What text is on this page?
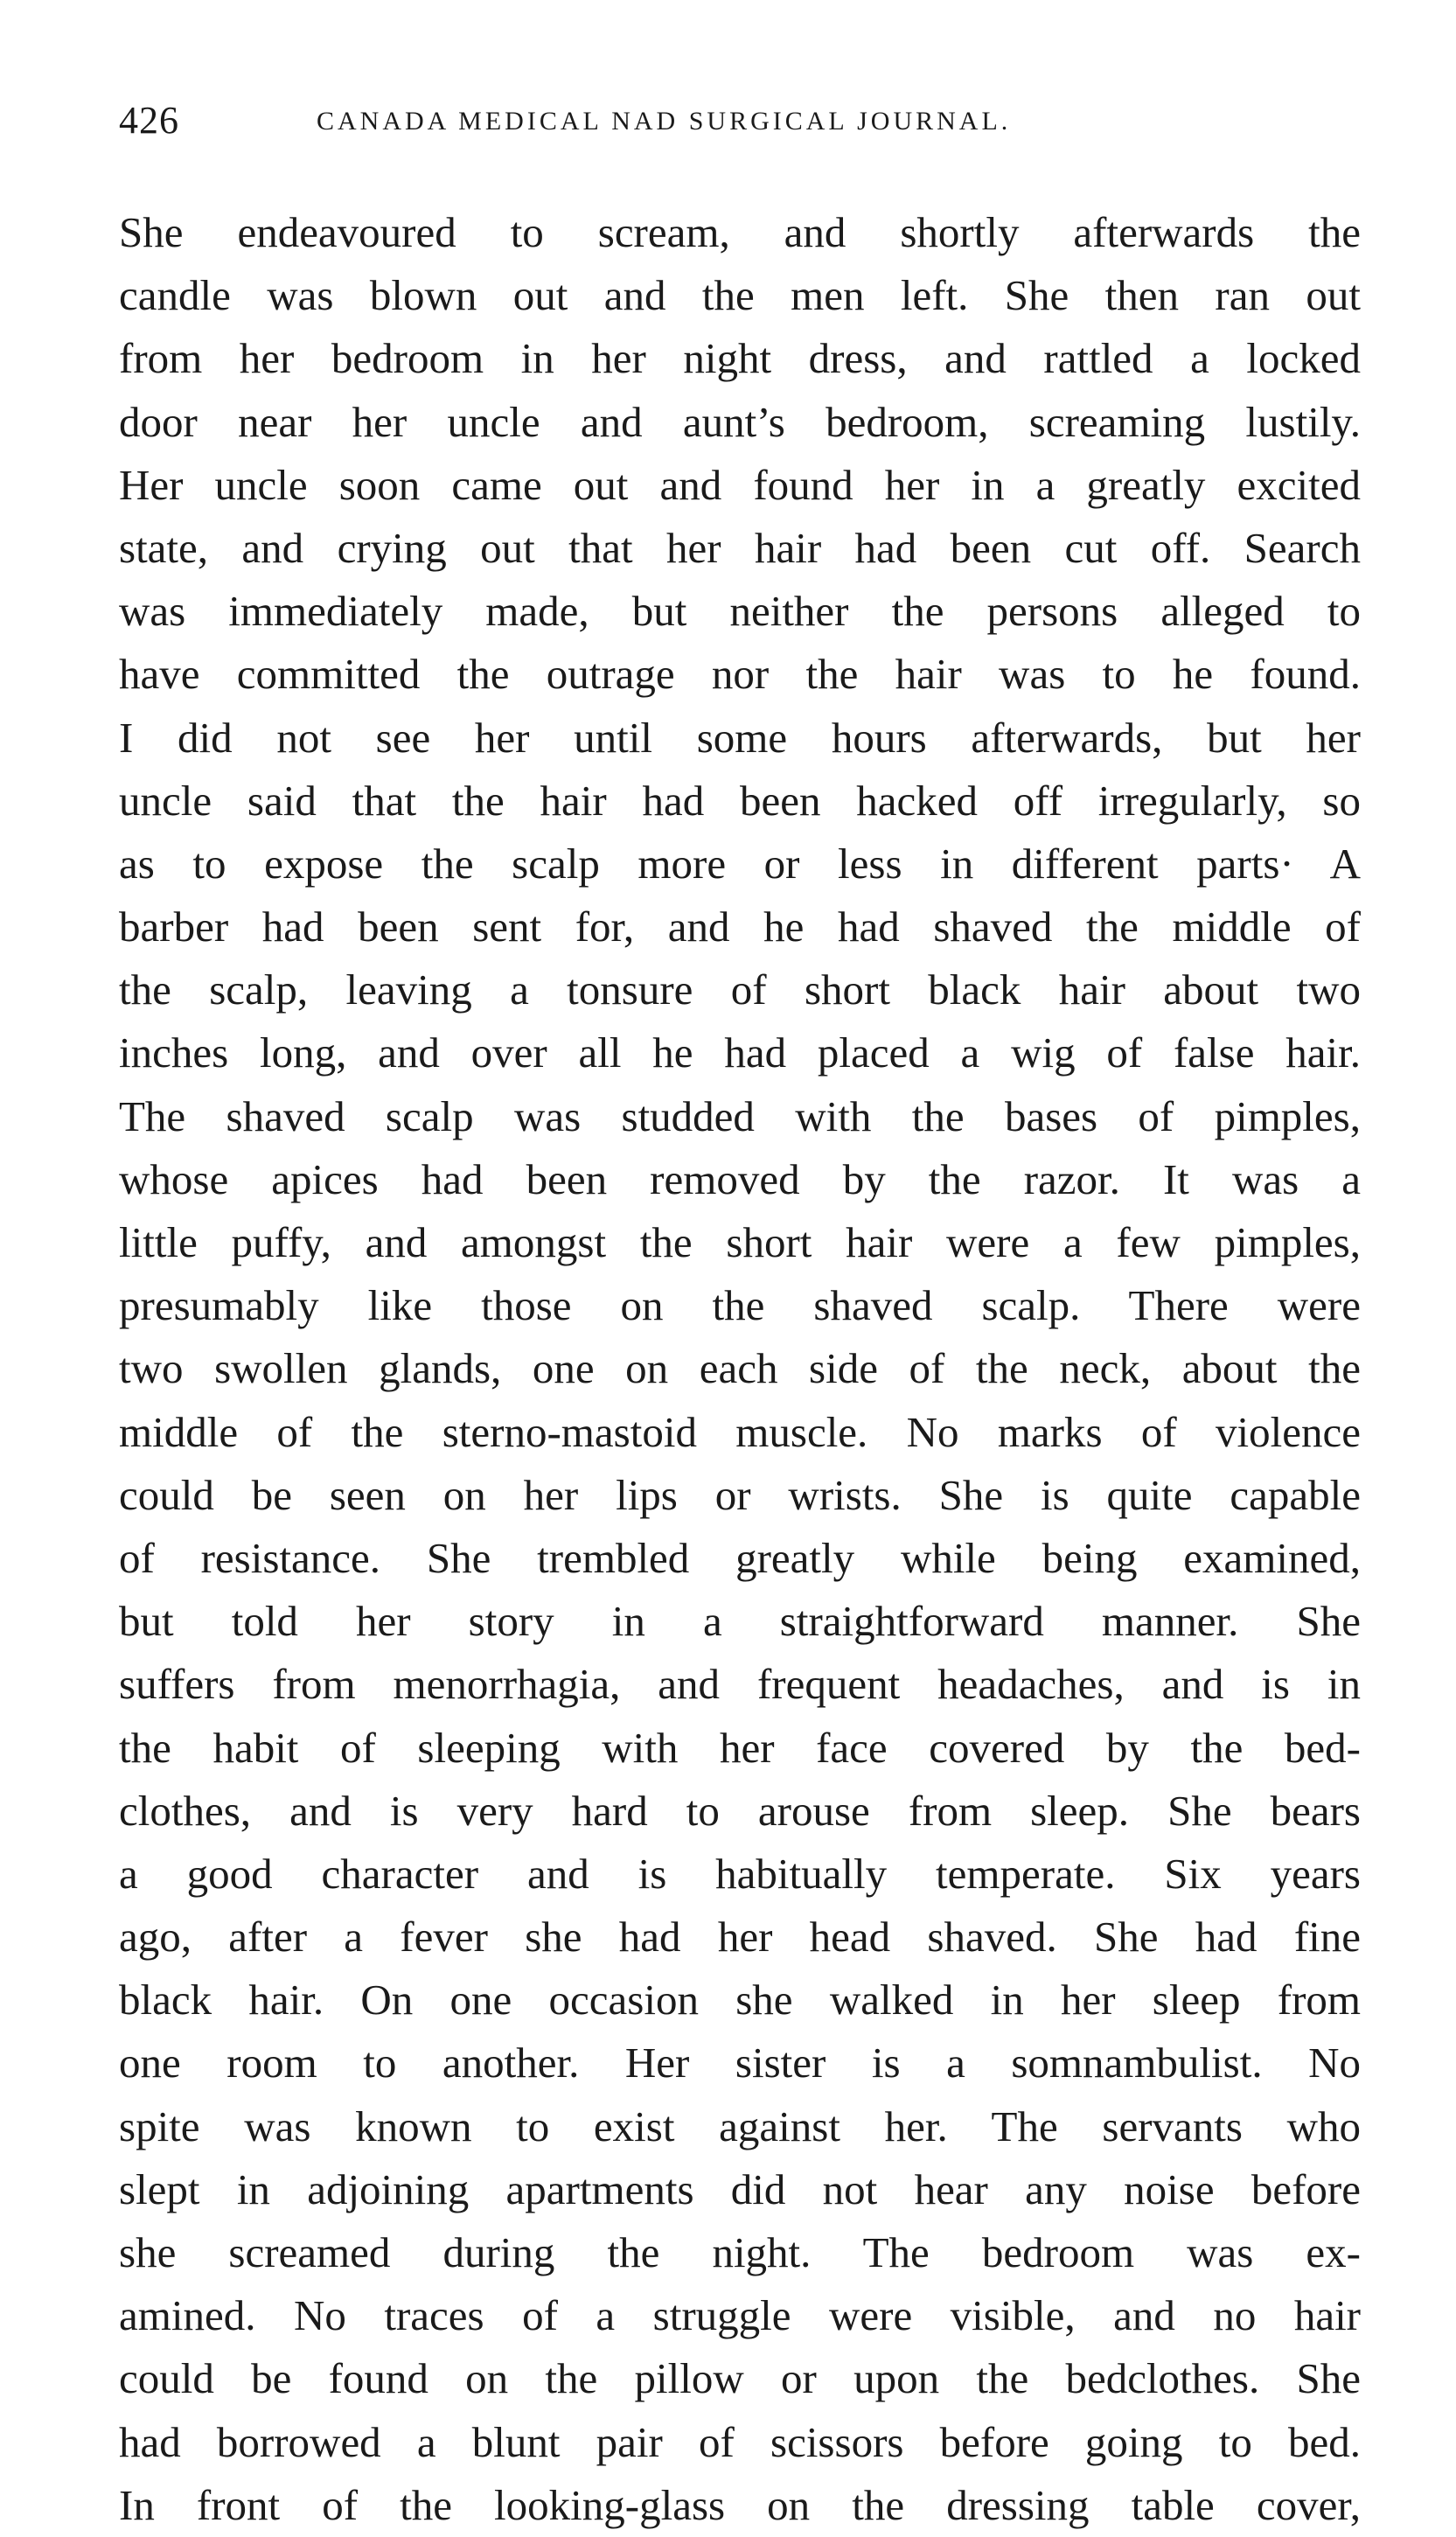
426	CANADA MEDICAL NAD SURGICAL JOURNAL.
She endeavoured to scream, and shortly afterwards the
candle was blown out and the men left. She then ran out
from her bedroom in her night dress, and rattled a locked
door near her uncle and aunt’s bedroom, screaming lustily.
Her uncle soon came out and found her in a greatly excited
state, and crying out that her hair had been cut off. Search
was immediately made, but neither the persons alleged to
have committed the outrage nor the hair was to he found.
I did not see her until some hours afterwards, but her
uncle said that the hair had been hacked off irregularly, so
as to expose the scalp more or less in different parts· A
barber had been sent for, and he had shaved the middle of
the scalp, leaving a tonsure of short black hair about two
inches long, and over all he had placed a wig of false hair.
The shaved scalp was studded with the bases of pimples,
whose apices had been removed by the razor. It was a
little puffy, and amongst the short hair were a few pimples,
presumably like those on the shaved scalp. There were
two swollen glands, one on each side of the neck, about the
middle of the sterno-mastoid muscle. No marks of violence
could be seen on her lips or wrists. She is quite capable
of resistance. She trembled greatly while being examined,
but told her story in a straightforward manner. She
suffers from menorrhagia, and frequent headaches, and is in
the habit of sleeping with her face covered by the bed-
clothes, and is very hard to arouse from sleep. She bears
a good character and is habitually temperate. Six years
ago, after a fever she had her head shaved. She had fine
black hair. On one occasion she walked in her sleep from
one room to another. Her sister is a somnambulist. No
spite was known to exist against her. The servants who
slept in adjoining apartments did not hear any noise before
she screamed during the night. The bedroom was ex-
amined. No traces of a struggle were visible, and no hair
could be found on the pillow or upon the bedclothes. She
had borrowed a blunt pair of scissors before going to bed.
In front of the looking-glass on the dressing table cover,
